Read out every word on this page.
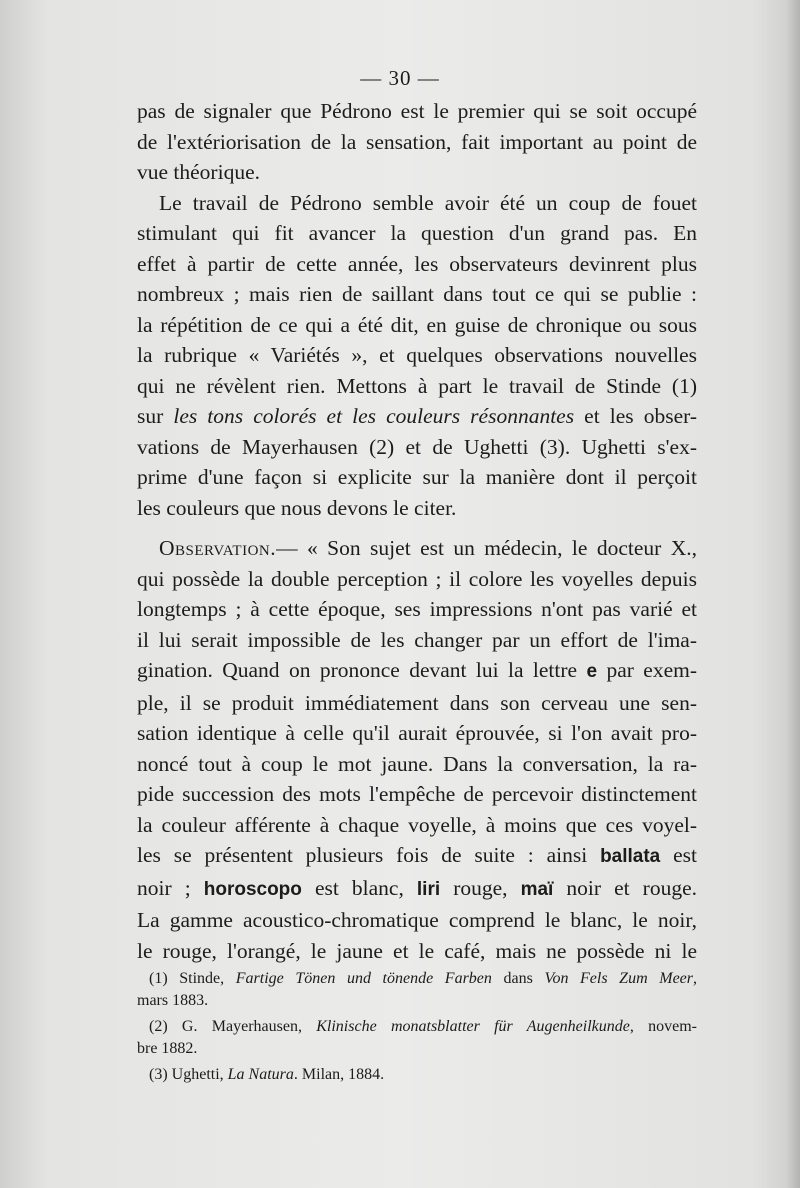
— 30 —
pas de signaler que Pédrono est le premier qui se soit occupé
de l'extériorisation de la sensation, fait important au point de
vue théorique.
Le travail de Pédrono semble avoir été un coup de fouet
stimulant qui fit avancer la question d'un grand pas. En
effet à partir de cette année, les observateurs devinrent plus
nombreux ; mais rien de saillant dans tout ce qui se publie :
la répétition de ce qui a été dit, en guise de chronique ou sous
la rubrique « Variétés », et quelques observations nouvelles
qui ne révèlent rien. Mettons à part le travail de Stinde (1)
sur les tons colorés et les couleurs résonnantes et les obser-
vations de Mayerhausen (2) et de Ughetti (3). Ughetti s'ex-
prime d'une façon si explicite sur la manière dont il perçoit
les couleurs que nous devons le citer.
Observation.— « Son sujet est un médecin, le docteur X.,
qui possède la double perception ; il colore les voyelles depuis
longtemps ; à cette époque, ses impressions n'ont pas varié et
il lui serait impossible de les changer par un effort de l'ima-
gination. Quand on prononce devant lui la lettre e par exem-
ple, il se produit immédiatement dans son cerveau une sen-
sation identique à celle qu'il aurait éprouvée, si l'on avait pro-
noncé tout à coup le mot jaune. Dans la conversation, la ra-
pide succession des mots l'empêche de percevoir distinctement
la couleur afférente à chaque voyelle, à moins que ces voyel-
les se présentent plusieurs fois de suite : ainsi ballata est
noir ; horoscopo est blanc, liri rouge, maï noir et rouge.
La gamme acoustico-chromatique comprend le blanc, le noir,
le rouge, l'orangé, le jaune et le café, mais ne possède ni le
(1) Stinde, Fartige Tönen und tönende Farben dans Von Fels Zum Meer,
mars 1883.
(2) G. Mayerhausen, Klinische monatsblatter für Augenheilkunde, novem-
bre 1882.
(3) Ughetti, La Natura. Milan, 1884.
